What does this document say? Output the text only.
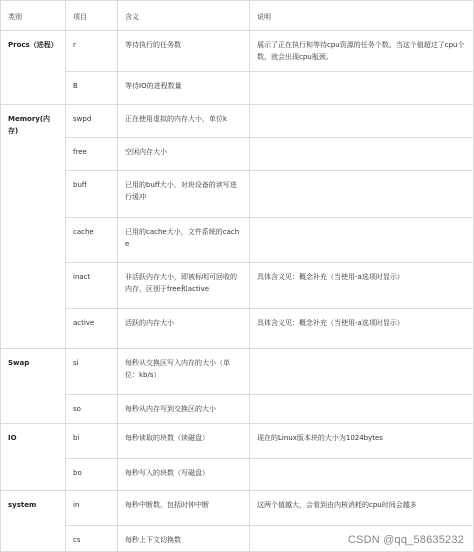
类别	项目	含义	说明
Procs（进程）	r	等待执行的任务数	展示了正在执行和等待cpu资源的任务个数。当这个值超过了cpu个数，就会出现cpu瓶颈。
	B	等待IO的进程数量	
Memory(内存)	swpd	正在使用虚拟的内存大小，单位k	
	free	空闲内存大小	
	buff	已用的buff大小，对块设备的读写进行缓冲	
	cache	已用的cache大小，文件系统的cache	
	inact	非活跃内存大小，即被标明可回收的内存，区别于free和active	具体含义见：概念补充（当使用-a选项时显示）
	active	活跃的内存大小	具体含义见：概念补充（当使用-a选项时显示）
Swap	si	每秒从交换区写入内存的大小（单位：kb/s）	
	so	每秒从内存写到交换区的大小	
IO	bi	每秒读取的块数（读磁盘）	现在的Linux版本块的大小为1024bytes
	bo	每秒写入的块数（写磁盘）	
system	in	每秒中断数，包括时钟中断	这两个值越大，会看到由内核消耗的cpu时间会越多
	cs	每秒上下文切换数		CSDN @qq_58635232
